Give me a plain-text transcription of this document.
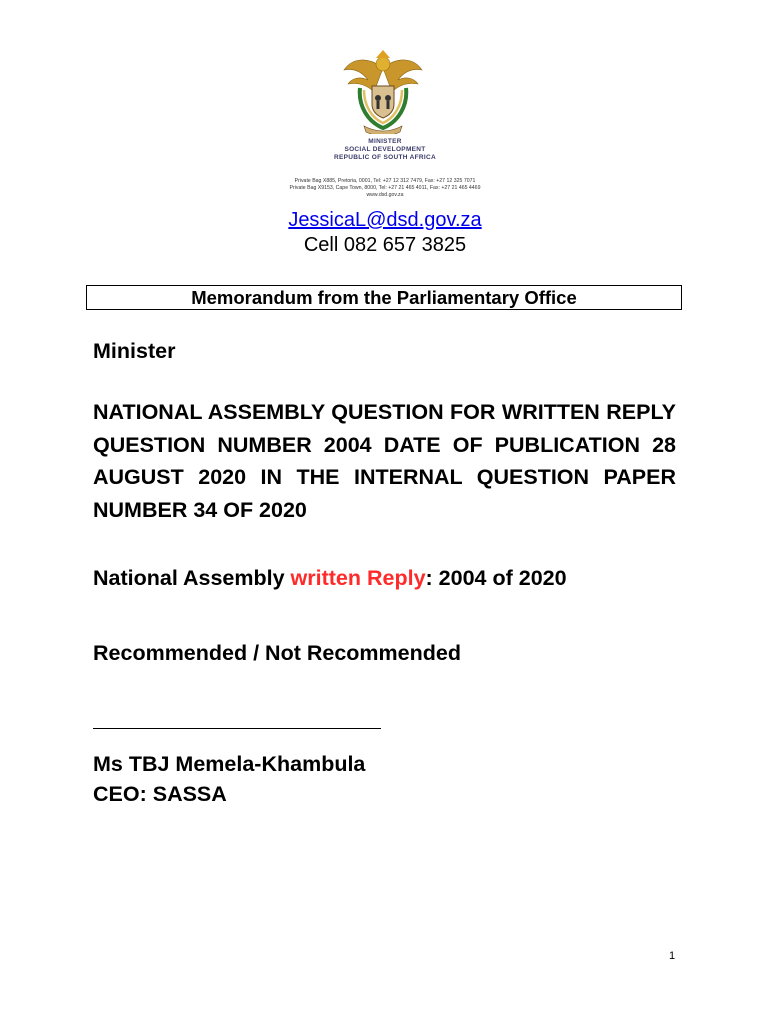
MINISTER
SOCIAL DEVELOPMENT
REPUBLIC OF SOUTH AFRICA
Private Bag X885, Pretoria, 0001, Tel: +27 12 312 7479, Fax: +27 12 325 7071
Private Bag X9153, Cape Town, 8000, Tel: +27 21 465 4011, Fax: +27 21 465 4469
www.dsd.gov.za
JessicaL@dsd.gov.za
Cell 082 657 3825
Memorandum from the Parliamentary Office
Minister
NATIONAL ASSEMBLY QUESTION FOR WRITTEN REPLY QUESTION NUMBER 2004 DATE OF PUBLICATION 28 AUGUST 2020 IN THE INTERNAL QUESTION PAPER NUMBER 34 OF 2020
National Assembly written Reply: 2004 of 2020
Recommended / Not Recommended
Ms TBJ Memela-Khambula
CEO: SASSA
1
